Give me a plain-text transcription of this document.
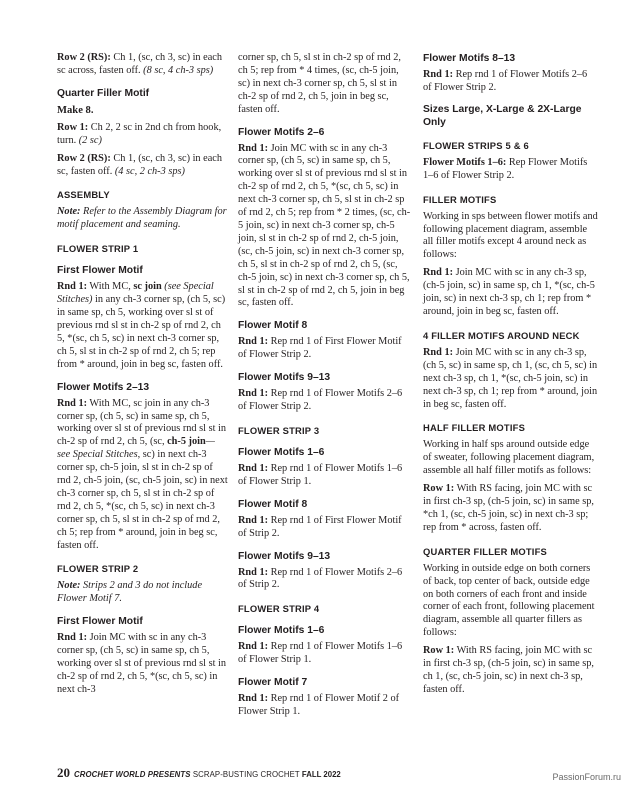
Row 2 (RS): Ch 1, (sc, ch 3, sc) in each sc across, fasten off. (8 sc, 4 ch-3 sps)

Quarter Filler Motif
Make 8.

Row 1: Ch 2, 2 sc in 2nd ch from hook, turn. (2 sc)

Row 2 (RS): Ch 1, (sc, ch 3, sc) in each sc, fasten off. (4 sc, 2 ch-3 sps)

ASSEMBLY

Note: Refer to the Assembly Diagram for motif placement and seaming.

FLOWER STRIP 1
First Flower Motif

Rnd 1: With MC, sc join (see Special Stitches) in any ch-3 corner sp, (ch 5, sc) in same sp, ch 5, working over sl st of previous rnd sl st in ch-2 sp of rnd 2, ch 5, *(sc, ch 5, sc) in next ch-3 corner sp, ch 5, sl st in ch-2 sp of rnd 2, ch 5; rep from * around, join in beg sc, fasten off.

Flower Motifs 2–13

Rnd 1: With MC, sc join in any ch-3 corner sp, (ch 5, sc) in same sp, ch 5, working over sl st of previous rnd sl st in ch-2 sp of rnd 2, ch 5, (sc, ch-5 join—see Special Stitches, sc) in next ch-3 corner sp, ch-5 join, sl st in ch-2 sp of rnd 2, ch-5 join, (sc, ch-5 join, sc) in next ch-3 corner sp, ch 5, sl st in ch-2 sp of rnd 2, ch 5, *(sc, ch 5, sc) in next ch-3 corner sp, ch 5, sl st in ch-2 sp of rnd 2, ch 5; rep from * around, join in beg sc, fasten off.

FLOWER STRIP 2

Note: Strips 2 and 3 do not include Flower Motif 7.

First Flower Motif

Rnd 1: Join MC with sc in any ch-3 corner sp, (ch 5, sc) in same sp, ch 5, working over sl st of previous rnd sl st in ch-2 sp of rnd 2, ch 5, *(sc, ch 5, sc) in next ch-3

corner sp, ch 5, sl st in ch-2 sp of rnd 2, ch 5; rep from * 4 times, (sc, ch-5 join, sc) in next ch-3 corner sp, ch 5, sl st in ch-2 sp of rnd 2, ch 5, join in beg sc, fasten off.

Flower Motifs 2–6

Rnd 1: Join MC with sc in any ch-3 corner sp, (ch 5, sc) in same sp, ch 5, working over sl st of previous rnd sl st in ch-2 sp of rnd 2, ch 5, *(sc, ch 5, sc) in next ch-3 corner sp, ch 5, sl st in ch-2 sp of rnd 2, ch 5; rep from * 2 times, (sc, ch-5 join, sc) in next ch-3 corner sp, ch-5 join, sl st in ch-2 sp of rnd 2, ch-5 join, (sc, ch-5 join, sc) in next ch-3 corner sp, ch 5, sl st in ch-2 sp of rnd 2, ch 5, (sc, ch-5 join, sc) in next ch-3 corner sp, ch 5, sl st in ch-2 sp of rnd 2, ch 5, join in beg sc, fasten off.

Flower Motif 8

Rnd 1: Rep rnd 1 of First Flower Motif of Flower Strip 2.

Flower Motifs 9–13

Rnd 1: Rep rnd 1 of Flower Motifs 2–6 of Flower Strip 2.

FLOWER STRIP 3
Flower Motifs 1–6

Rnd 1: Rep rnd 1 of Flower Motifs 1–6 of Flower Strip 1.

Flower Motif 8

Rnd 1: Rep rnd 1 of First Flower Motif of Strip 2.

Flower Motifs 9–13

Rnd 1: Rep rnd 1 of Flower Motifs 2–6 of Strip 2.

FLOWER STRIP 4
Flower Motifs 1–6

Rnd 1: Rep rnd 1 of Flower Motifs 1–6 of Flower Strip 1.

Flower Motif 7

Rnd 1: Rep rnd 1 of Flower Motif 2 of Flower Strip 1.

Flower Motifs 8–13

Rnd 1: Rep rnd 1 of Flower Motifs 2–6 of Flower Strip 2.

Sizes Large, X-Large & 2X-Large Only
FLOWER STRIPS 5 & 6

Flower Motifs 1–6: Rep Flower Motifs 1–6 of Flower Strip 2.

FILLER MOTIFS

Working in sps between flower motifs and following placement diagram, assemble all filler motifs except 4 around neck as follows:

Rnd 1: Join MC with sc in any ch-3 sp, (ch-5 join, sc) in same sp, ch 1, *(sc, ch-5 join, sc) in next ch-3 sp, ch 1; rep from * around, join in beg sc, fasten off.

4 FILLER MOTIFS AROUND NECK

Rnd 1: Join MC with sc in any ch-3 sp, (ch 5, sc) in same sp, ch 1, (sc, ch 5, sc) in next ch-3 sp, ch 1, *(sc, ch-5 join, sc) in next ch-3 sp, ch 1; rep from * around, join in beg sc, fasten off.

HALF FILLER MOTIFS

Working in half sps around outside edge of sweater, following placement diagram, assemble all half filler motifs as follows:

Row 1: With RS facing, join MC with sc in first ch-3 sp, (ch-5 join, sc) in same sp, *ch 1, (sc, ch-5 join, sc) in next ch-3 sp; rep from * across, fasten off.

QUARTER FILLER MOTIFS

Working in outside edge on both corners of back, top center of back, outside edge on both corners of each front and inside corner of each front, following placement diagram, assemble all quarter fillers as follows:

Row 1: With RS facing, join MC with sc in first ch-3 sp, (ch-5 join, sc) in same sp, ch 1, (sc, ch-5 join, sc) in next ch-3 sp, fasten off.

20 CROCHET WORLD PRESENTS SCRAP-BUSTING CROCHET FALL 2022	PassionForum.ru
